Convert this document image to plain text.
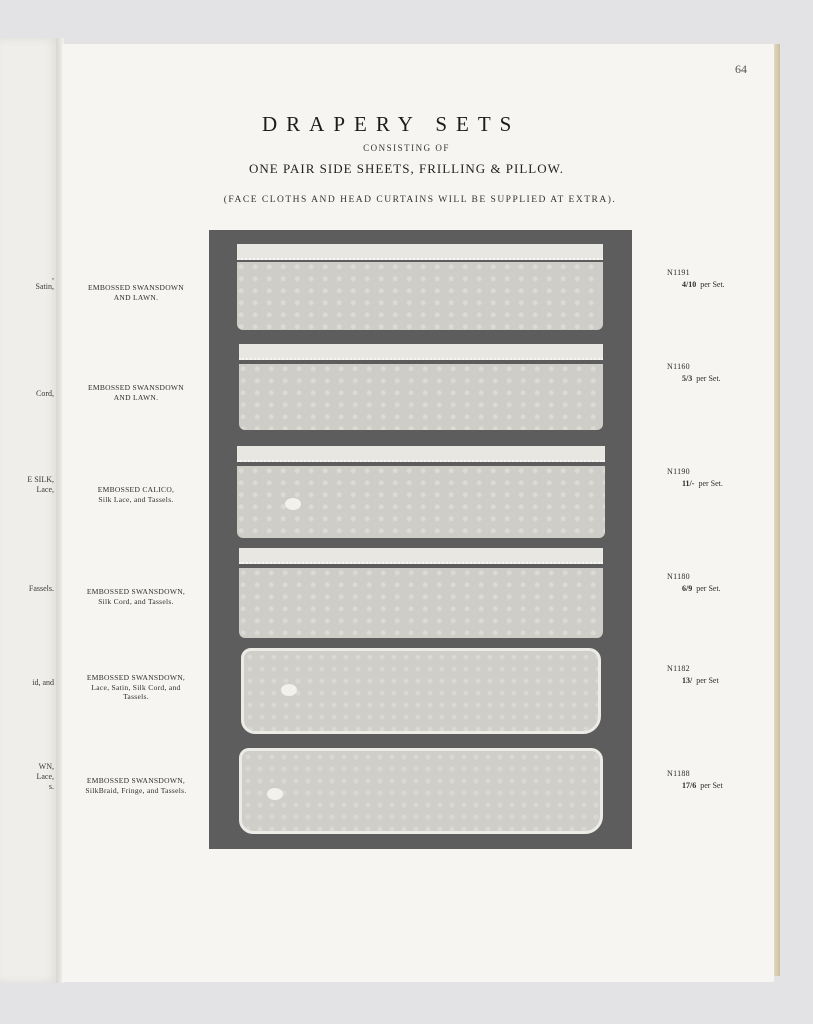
,
Satin,
Cord,
E SILK,
Lace,
Fassels.
id, and
WN,
Lace,
s.
64
DRAPERY SETS
CONSISTING OF
ONE PAIR SIDE SHEETS, FRILLING & PILLOW.
(FACE CLOTHS AND HEAD CURTAINS WILL BE SUPPLIED AT EXTRA).
EMBOSSED SWANSDOWN
AND LAWN.
EMBOSSED SWANSDOWN
AND LAWN.
EMBOSSED CALICO,
Silk Lace, and Tassels.
EMBOSSED SWANSDOWN,
Silk Cord, and Tassels.
EMBOSSED SWANSDOWN,
Lace, Satin, Silk Cord, and
Tassels.
EMBOSSED SWANSDOWN,
SilkBraid, Fringe, and Tassels.
N1191
4/10 per Set.
N1160
5/3 per Set.
N1190
11/- per Set.
N1180
6/9 per Set.
N1182
13/ per Set
N1188
17/6 per Set
